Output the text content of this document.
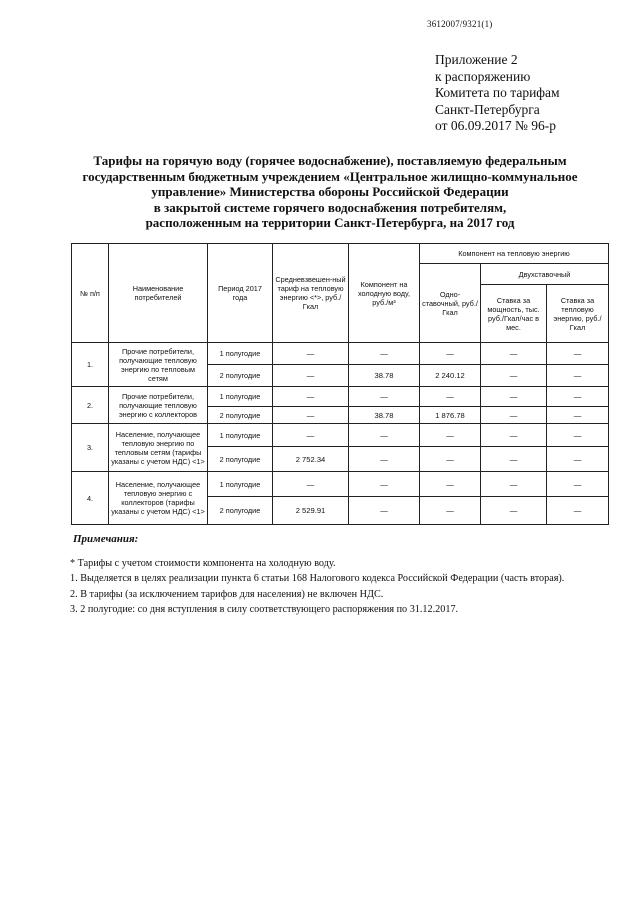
3612007/9321(1)
Приложение 2
к распоряжению
Комитета по тарифам
Санкт-Петербурга
от 06.09.2017 № 96-р
Тарифы на горячую воду (горячее водоснабжение), поставляемую федеральным
государственным бюджетным учреждением «Центральное жилищно-коммунальное
управление» Министерства обороны Российской Федерации
в закрытой системе горячего водоснабжения потребителям,
расположенным на территории Санкт-Петербурга, на 2017 год
№ п/п	Наименование потребителей	Период 2017 года	Средневзвешен-ный тариф на тепловую энергию <*>, руб./Гкал	Компонент на холодную воду, руб./м³	Компонент на тепловую энергию		
					Одно-ставочный, руб./Гкал	Двухставочный	
						Ставка за мощность, тыс. руб./Гкал/час в мес.	Ставка за тепловую энергию, руб./Гкал
1.	Прочие потребители, получающие тепловую энергию по тепловым сетям	1 полугодие	—	—	—	—	—
		2 полугодие	—	38.78	2 240.12	—	—
2.	Прочие потребители, получающие тепловую энергию с коллекторов	1 полугодие	—	—	—	—	—
		2 полугодие	—	38.78	1 876.78	—	—
3.	Население, получающее тепловую энергию по тепловым сетям (тарифы указаны с учетом НДС) <1>	1 полугодие	—	—	—	—	—
		2 полугодие	2 752.34	—	—	—	—
4.	Население, получающее тепловую энергию с коллекторов (тарифы указаны с учетом НДС) <1>	1 полугодие	—	—	—	—	—
		2 полугодие	2 529.91	—	—	—	—
Примечания:
* Тарифы с учетом стоимости компонента на холодную воду.
1. Выделяется в целях реализации пункта 6 статьи 168 Налогового кодекса Российской Федерации (часть вторая).
2. В тарифы (за исключением тарифов для населения) не включен НДС.
3. 2 полугодие: со дня вступления в силу соответствующего распоряжения по 31.12.2017.
